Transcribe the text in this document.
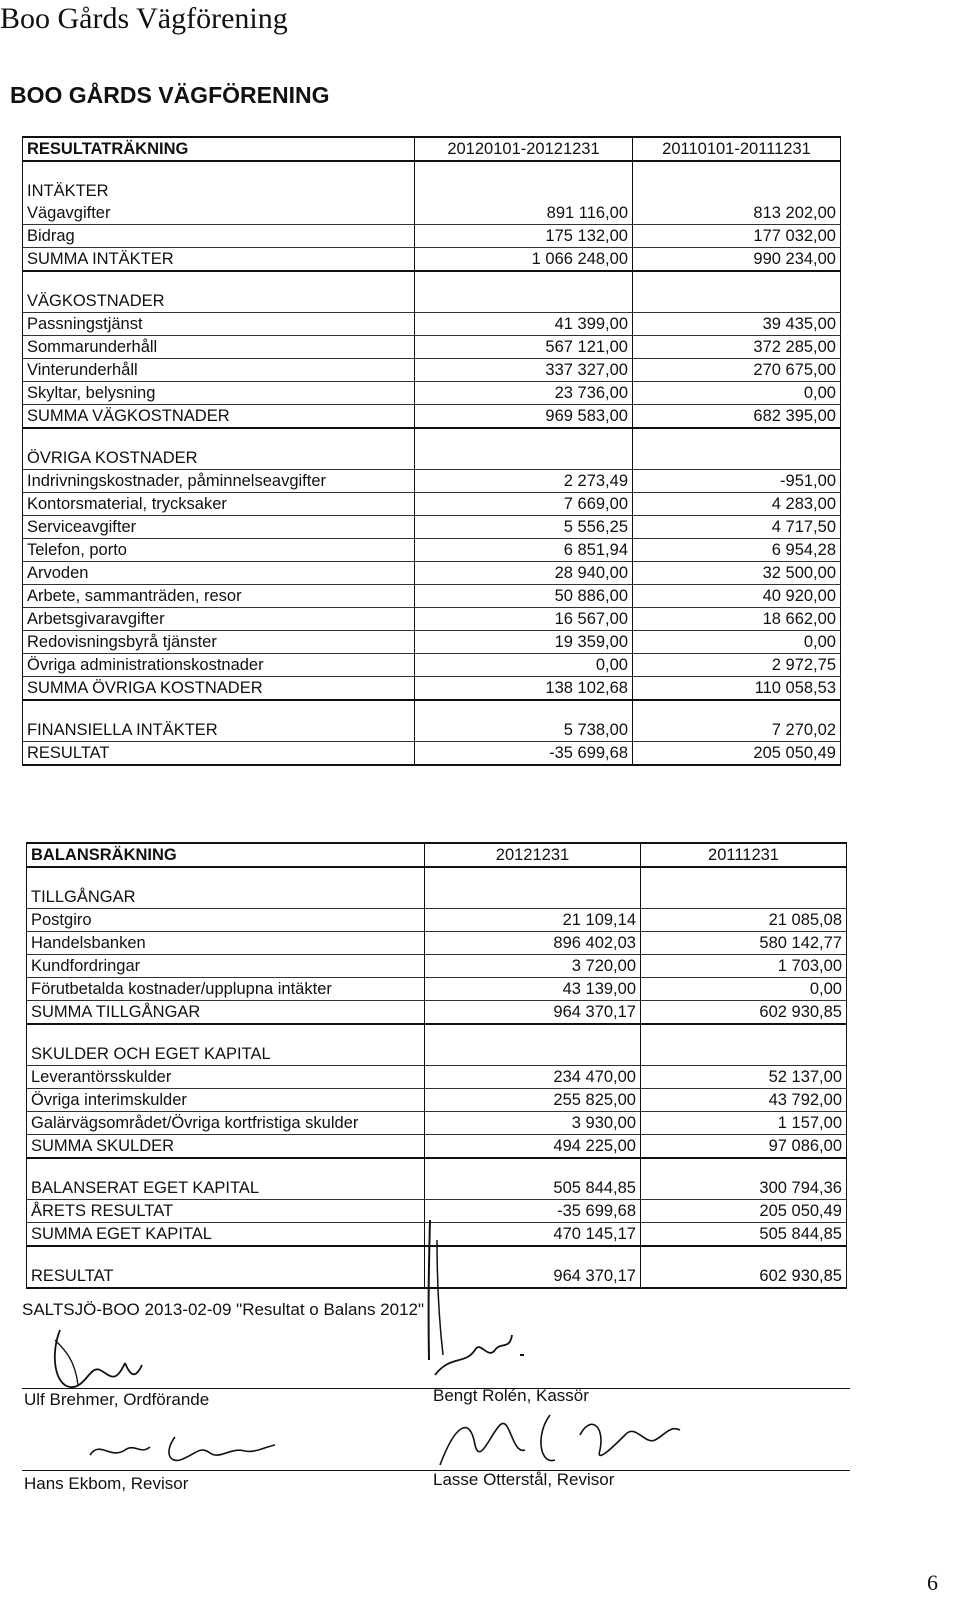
Boo Gårds Vägförening
BOO GÅRDS VÄGFÖRENING
RESULTATRÄKNING	20120101-20121231	20110101-20111231

INTÄKTER		
Vägavgifter	891 116,00	813 202,00
Bidrag	175 132,00	177 032,00
SUMMA INTÄKTER	1 066 248,00	990 234,00

VÄGKOSTNADER		
Passningstjänst	41 399,00	39 435,00
Sommarunderhåll	567 121,00	372 285,00
Vinterunderhåll	337 327,00	270 675,00
Skyltar, belysning	23 736,00	0,00
SUMMA VÄGKOSTNADER	969 583,00	682 395,00

ÖVRIGA KOSTNADER		
Indrivningskostnader, påminnelseavgifter	2 273,49	-951,00
Kontorsmaterial, trycksaker	7 669,00	4 283,00
Serviceavgifter	5 556,25	4 717,50
Telefon, porto	6 851,94	6 954,28
Arvoden	28 940,00	32 500,00
Arbete, sammanträden, resor	50 886,00	40 920,00
Arbetsgivaravgifter	16 567,00	18 662,00
Redovisningsbyrå tjänster	19 359,00	0,00
Övriga administrationskostnader	0,00	2 972,75
SUMMA ÖVRIGA KOSTNADER	138 102,68	110 058,53

FINANSIELLA INTÄKTER	5 738,00	7 270,02
RESULTAT	-35 699,68	205 050,49
BALANSRÄKNING	20121231	20111231

TILLGÅNGAR		
Postgiro	21 109,14	21 085,08
Handelsbanken	896 402,03	580 142,77
Kundfordringar	3 720,00	1 703,00
Förutbetalda kostnader/upplupna intäkter	43 139,00	0,00
SUMMA TILLGÅNGAR	964 370,17	602 930,85

SKULDER OCH EGET KAPITAL		
Leverantörsskulder	234 470,00	52 137,00
Övriga interimskulder	255 825,00	43 792,00
Galärvägsområdet/Övriga kortfristiga skulder	3 930,00	1 157,00
SUMMA SKULDER	494 225,00	97 086,00

BALANSERAT EGET KAPITAL	505 844,85	300 794,36
ÅRETS RESULTAT	-35 699,68	205 050,49
SUMMA EGET KAPITAL	470 145,17	505 844,85

RESULTAT	964 370,17	602 930,85
SALTSJÖ-BOO 2013-02-09 "Resultat o Balans 2012"
Ulf Brehmer, Ordförande	Bengt Rolén, Kassör
Hans Ekbom, Revisor	Lasse Otterstål, Revisor
6
